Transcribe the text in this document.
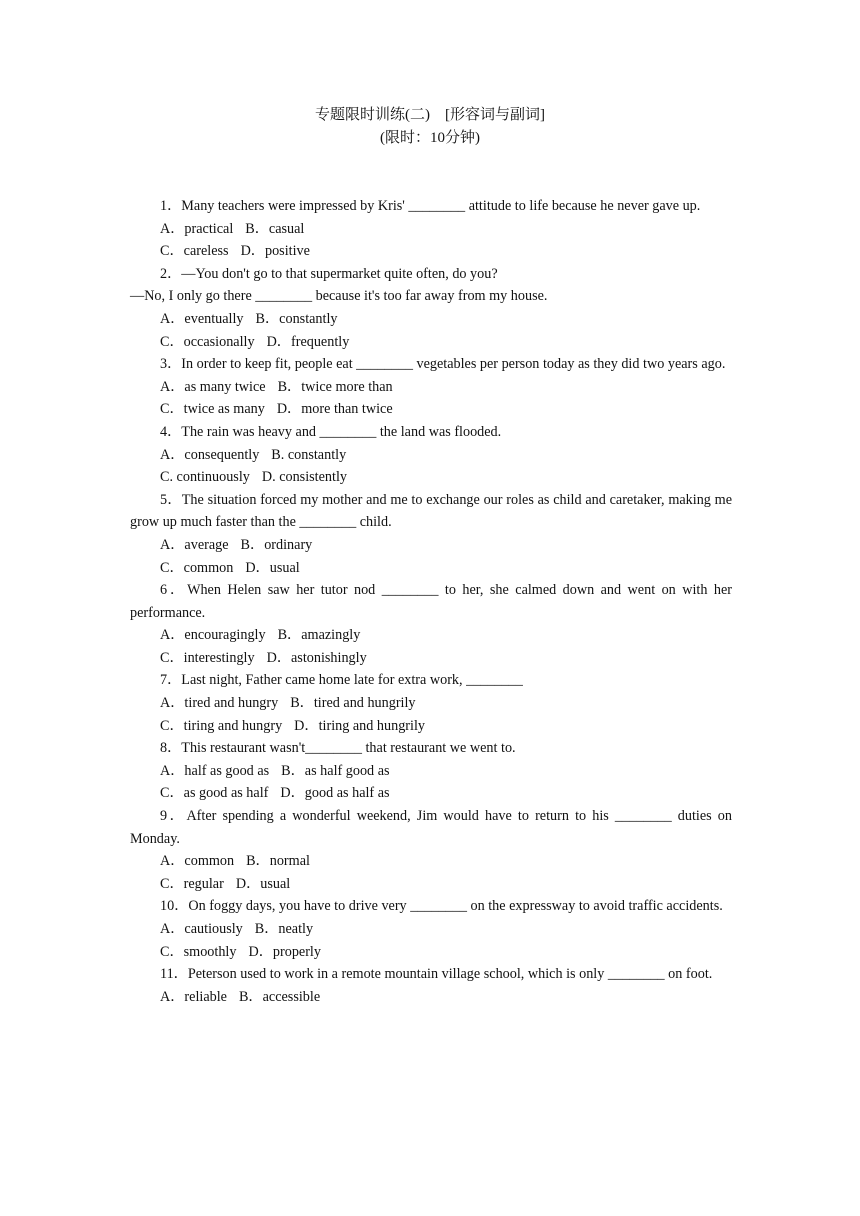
专题限时训练(二)　[形容词与副词]
(限时：10分钟)

1．Many teachers were impressed by Kris' ________ attitude to life because he never gave up.

A．practical B．casual

C．careless D．positive

2．—You don't go to that supermarket quite often, do you?

—No, I only go there ________ because it's too far away from my house.

A．eventually B．constantly

C．occasionally D．frequently

3．In order to keep fit, people eat ________ vegetables per person today as they did two years ago.

A．as many twice B．twice more than

C．twice as many D．more than twice

4．The rain was heavy and ________ the land was flooded.

A．consequently B. constantly

C. continuously D. consistently

5．The situation forced my mother and me to exchange our roles as child and caretaker, making me grow up much faster than the ________ child.

A．average B．ordinary

C．common D．usual

6．When Helen saw her tutor nod ________ to her, she calmed down and went on with her performance.

A．encouragingly B．amazingly

C．interestingly D．astonishingly

7．Last night, Father came home late for extra work, ________

A．tired and hungry B．tired and hungrily

C．tiring and hungry D．tiring and hungrily

8．This restaurant wasn't________ that restaurant we went to.

A．half as good as B．as half good as

C．as good as half D．good as half as

9．After spending a wonderful weekend, Jim would have to return to his ________ duties on Monday.

A．common B．normal

C．regular D．usual

10．On foggy days, you have to drive very ________ on the expressway to avoid traffic accidents.

A．cautiously B．neatly

C．smoothly D．properly

11．Peterson used to work in a remote mountain village school, which is only ________ on foot.

A．reliable B．accessible
